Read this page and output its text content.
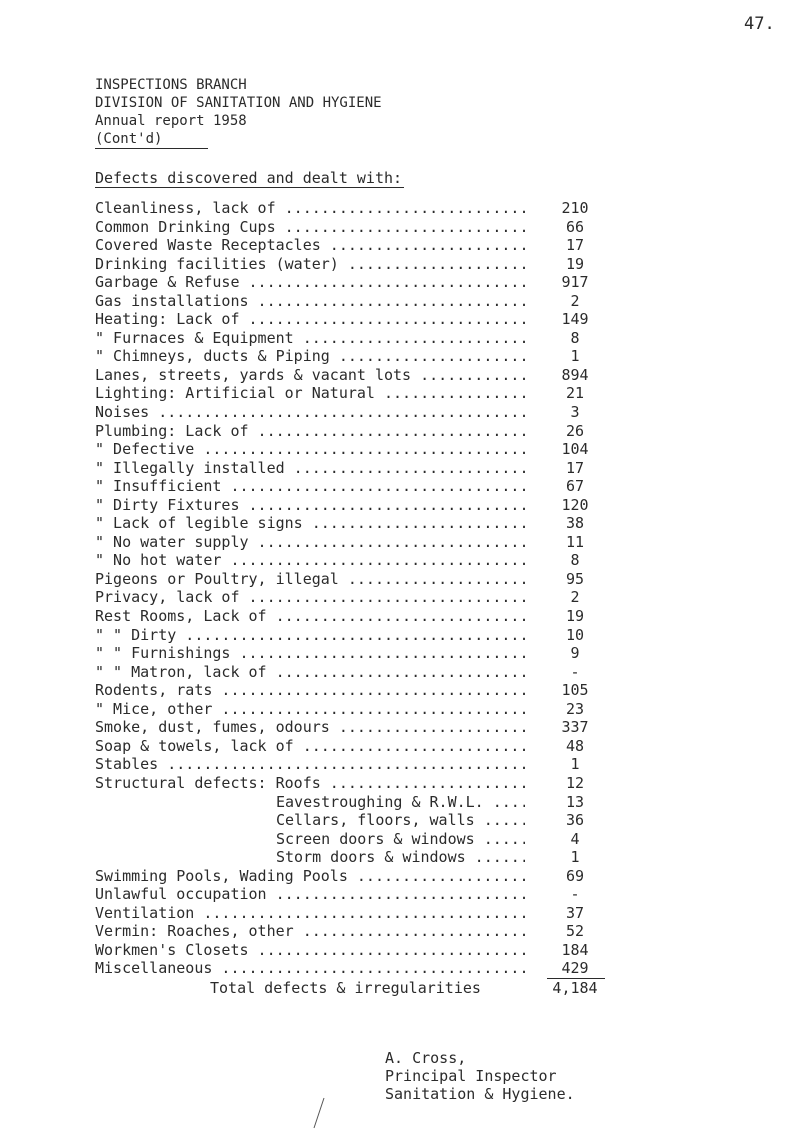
47.
INSPECTIONS BRANCH
DIVISION OF SANITATION AND HYGIENE
Annual report 1958
(Cont'd)
Defects discovered and dealt with:
Cleanliness, lack of .....	210
Common Drinking Cups .....	66
Covered Waste Receptacles .....	17
Drinking facilities (water) .....	19
Garbage & Refuse .....	917
Gas installations .....	2
Heating: Lack of .....	149
" Furnaces & Equipment .....	8
" Chimneys, ducts & Piping .....	1
Lanes, streets, yards & vacant lots .....	894
Lighting: Artificial or Natural .....	21
Noises .....	3
Plumbing: Lack of .....	26
" Defective .....	104
" Illegally installed .....	17
" Insufficient .....	67
" Dirty Fixtures .....	120
" Lack of legible signs .....	38
" No water supply .....	11
" No hot water .....	8
Pigeons or Poultry, illegal .....	95
Privacy, lack of .....	2
Rest Rooms, Lack of .....	19
" " Dirty .....	10
" " Furnishings .....	9
" " Matron, lack of .....	-
Rodents, rats .....	105
" Mice, other .....	23
Smoke, dust, fumes, odours .....	337
Soap & towels, lack of .....	48
Stables .....	1
Structural defects: Roofs .....	12
Eavestroughing & R.W.L. .....	13
Cellars, floors, walls .....	36
Screen doors & windows .....	4
Storm doors & windows .....	1
Swimming Pools, Wading Pools .....	69
Unlawful occupation .....	-
Ventilation .....	37
Vermin: Roaches, other .....	52
Workmen's Closets .....	184
Miscellaneous .....	429
Total defects & irregularities	4,184
A. Cross,
Principal Inspector
Sanitation & Hygiene.
